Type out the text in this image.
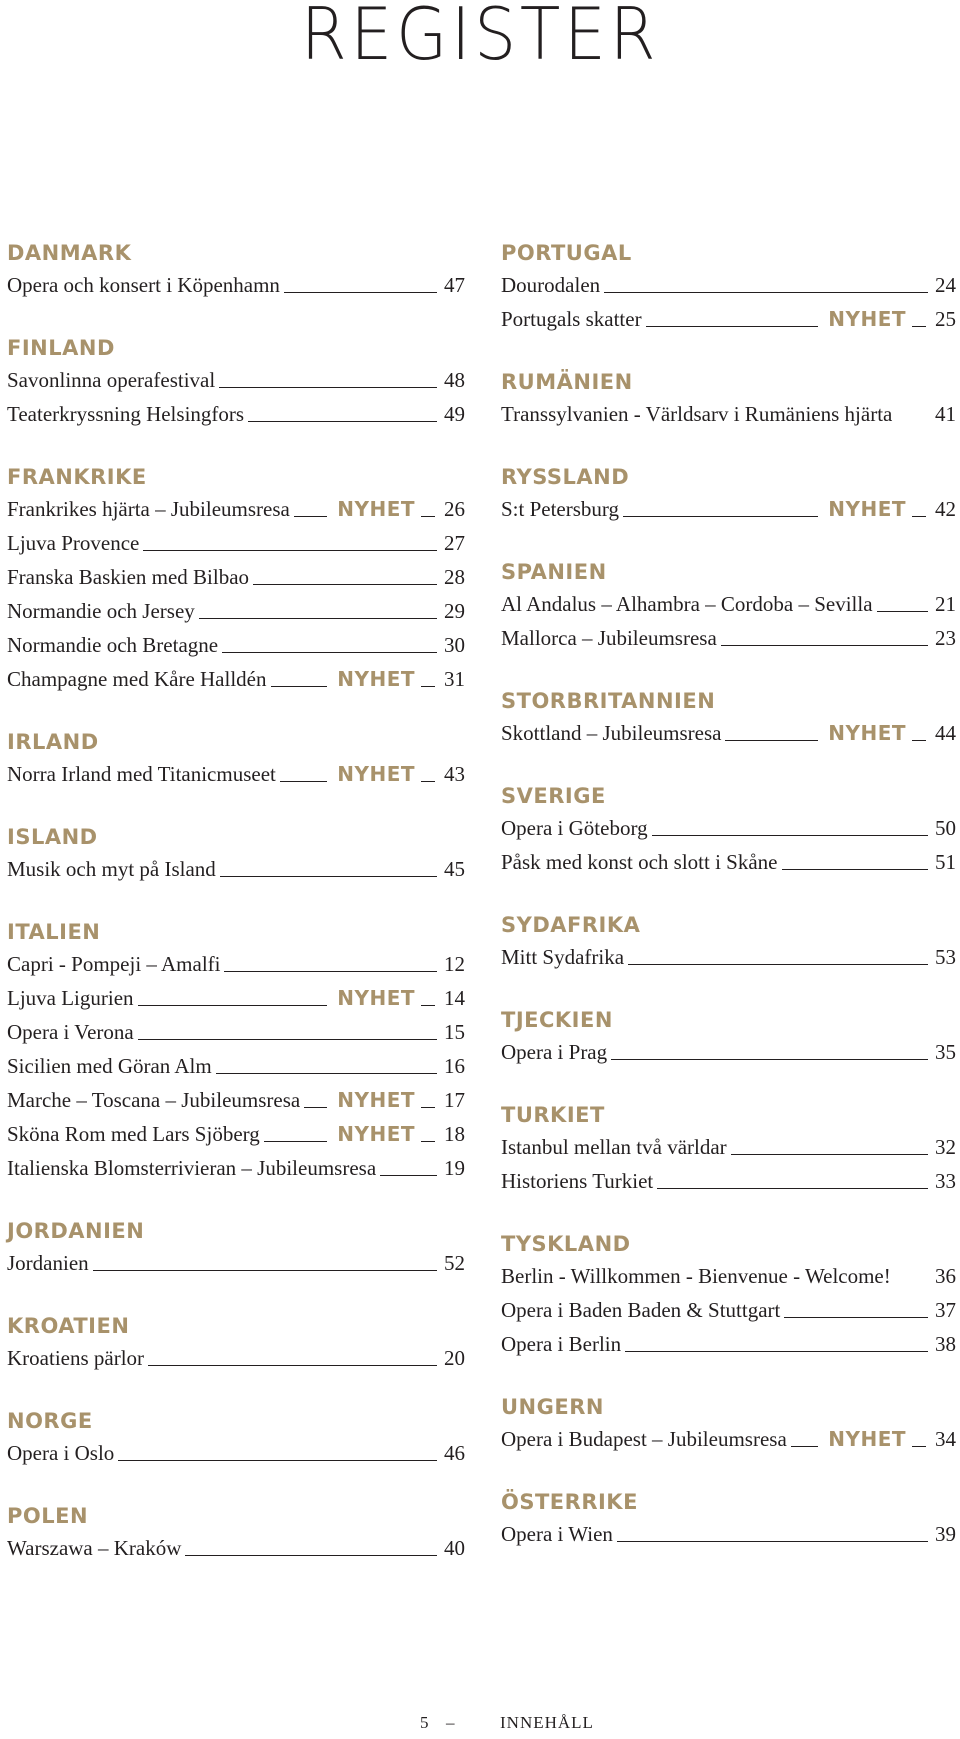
REGISTER
DANMARK
Opera och konsert i Köpenhamn	47
FINLAND
Savonlinna operafestival	48
Teaterkryssning Helsingfors	49
FRANKRIKE
Frankrikes hjärta – Jubileumsresa NYHET 26
Ljuva Provence	27
Franska Baskien med Bilbao	28
Normandie och Jersey	29
Normandie och Bretagne	30
Champagne med Kåre Halldén	NYHET 31
IRLAND
Norra Irland med Titanicmuseet	NYHET 43
ISLAND
Musik och myt på Island	45
ITALIEN
Capri - Pompeji – Amalfi	12
Ljuva Ligurien	NYHET 14
Opera i Verona	15
Sicilien med Göran Alm	16
Marche – Toscana – Jubileumsresa NYHET 17
Sköna Rom med Lars Sjöberg	NYHET 18
Italienska Blomsterrivieran – Jubileumsresa	19
JORDANIEN
Jordanien	52
KROATIEN
Kroatiens pärlor	20
NORGE
Opera i Oslo	46
POLEN
Warszawa – Kraków	40
PORTUGAL
Dourodalen	24
Portugals skatter	NYHET 25
RUMÄNIEN
Transsylvanien - Världsarv i Rumäniens hjärta 41
RYSSLAND
S:t Petersburg	NYHET 42
SPANIEN
Al Andalus – Alhambra – Cordoba – Sevilla	21
Mallorca – Jubileumsresa	23
STORBRITANNIEN
Skottland – Jubileumsresa	NYHET 44
SVERIGE
Opera i Göteborg	50
Påsk med konst och slott i Skåne	51
SYDAFRIKA
Mitt Sydafrika	53
TJECKIEN
Opera i Prag	35
TURKIET
Istanbul mellan två världar	32
Historiens Turkiet	33
TYSKLAND
Berlin - Willkommen - Bienvenue - Welcome! 36
Opera i Baden Baden & Stuttgart	37
Opera i Berlin	38
UNGERN
Opera i Budapest – Jubileumsresa NYHET 34
ÖSTERRIKE
Opera i Wien	39
5 –	INNEHÅLL
